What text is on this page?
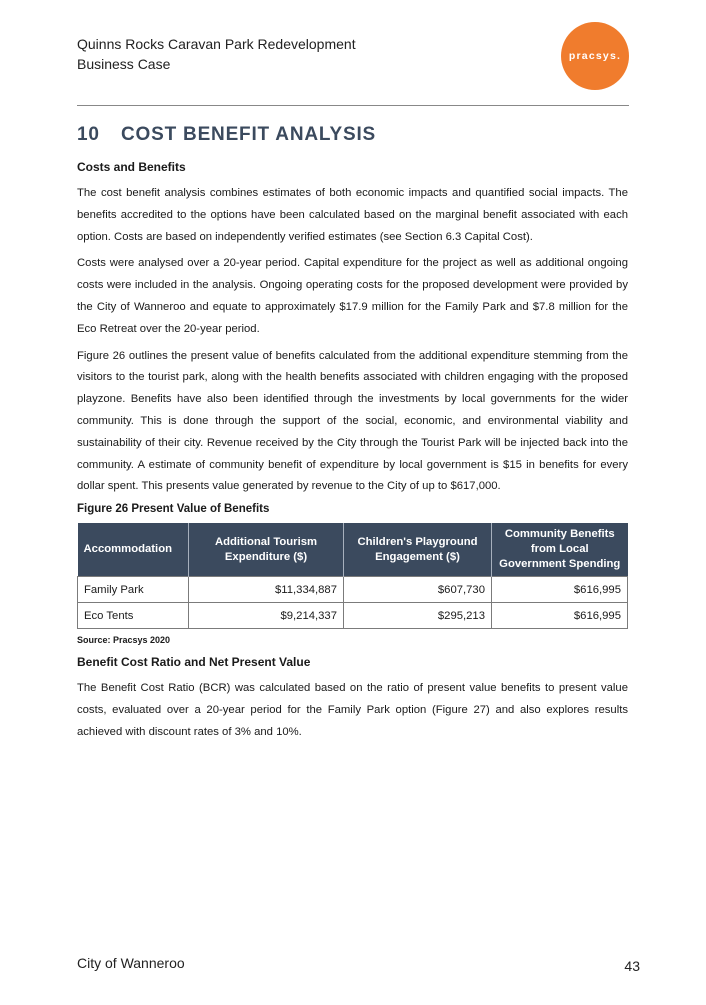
Quinns Rocks Caravan Park Redevelopment
Business Case	pracsys.
10 COST BENEFIT ANALYSIS
Costs and Benefits

The cost benefit analysis combines estimates of both economic impacts and quantified social impacts. The benefits accredited to the options have been calculated based on the marginal benefit associated with each option. Costs are based on independently verified estimates (see Section 6.3 Capital Cost).

Costs were analysed over a 20-year period. Capital expenditure for the project as well as additional ongoing costs were included in the analysis. Ongoing operating costs for the proposed development were provided by the City of Wanneroo and equate to approximately $17.9 million for the Family Park and $7.8 million for the Eco Retreat over the 20-year period.

Figure 26 outlines the present value of benefits calculated from the additional expenditure stemming from the visitors to the tourist park, along with the health benefits associated with children engaging with the proposed playzone. Benefits have also been identified through the investments by local governments for the wider community. This is done through the support of the social, economic, and environmental viability and sustainability of their city. Revenue received by the City through the Tourist Park will be injected back into the community. A estimate of community benefit of expenditure by local government is $15 in benefits for every dollar spent. This presents value generated by revenue to the City of up to $617,000.

Figure 26 Present Value of Benefits
Accommodation	Additional Tourism Expenditure ($)	Children's Playground Engagement ($)	Community Benefits from Local Government Spending
Family Park	$11,334,887	$607,730	$616,995
Eco Tents	$9,214,337	$295,213	$616,995
Source: Pracsys 2020
Benefit Cost Ratio and Net Present Value

The Benefit Cost Ratio (BCR) was calculated based on the ratio of present value benefits to present value costs, evaluated over a 20-year period for the Family Park option (Figure 27) and also explores results achieved with discount rates of 3% and 10%.

City of Wanneroo	43
